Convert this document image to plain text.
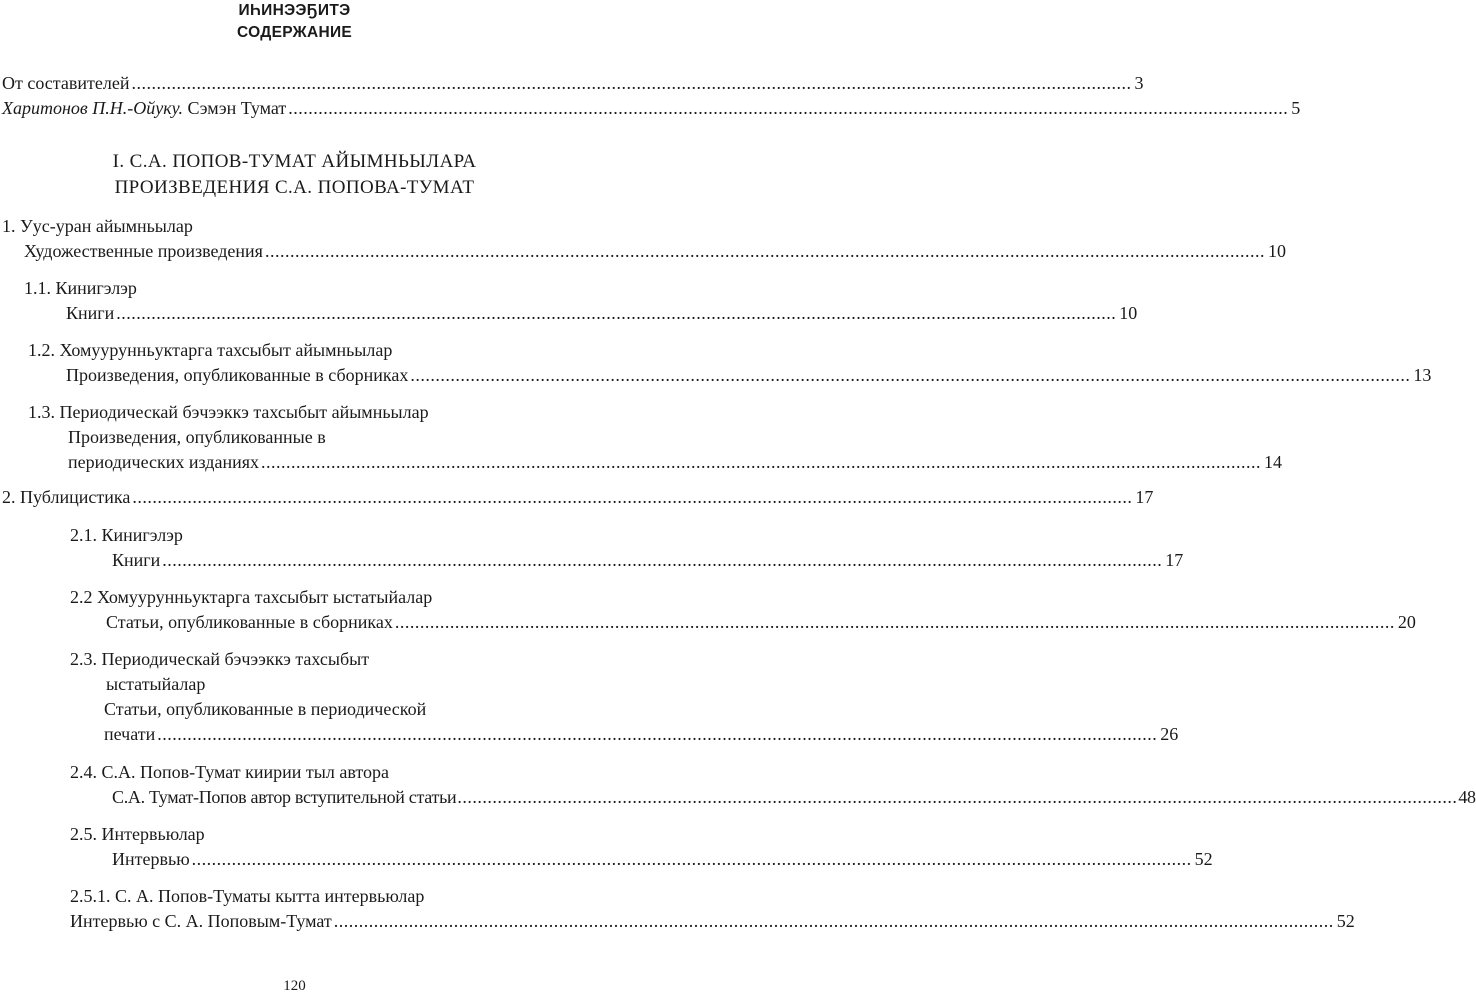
ИҺИНЭЭҔИТЭ
СОДЕРЖАНИЕ
От составителей ........................................................................................................................................................................................................ 3
Харитонов П.Н.-Ойуку. Сэмэн Тумат ........................................................................................................................................................................................................ 5
I. С.А. ПОПОВ-ТУМАТ АЙЫМНЬЫЛАРА
ПРОИЗВЕДЕНИЯ С.А. ПОПОВА-ТУМАТ
1. Уус-уран айымньылар
Художественные произведения ........................................................................................................................................................................................................ 10
1.1. Кинигэлэр
Книги ........................................................................................................................................................................................................ 10
1.2. Хомуурунньуктарга тахсыбыт айымньылар
Произведения, опубликованные в сборниках ........................................................................................................................................................................................................ 13
1.3. Периодическай бэчээккэ тахсыбыт айымньылар
Произведения, опубликованные в
периодических изданиях ........................................................................................................................................................................................................ 14
2. Публицистика ........................................................................................................................................................................................................ 17
2.1. Кинигэлэр
Книги ........................................................................................................................................................................................................ 17
2.2 Хомуурунньуктарга тахсыбыт ыстатыйалар
Статьи, опубликованные в сборниках ........................................................................................................................................................................................................ 20
2.3. Периодическай бэчээккэ тахсыбыт
ыстатыйалар
Статьи, опубликованные в периодической
печати ........................................................................................................................................................................................................ 26
2.4. С.А. Попов-Тумат киирии тыл автора
С.А. Тумат-Попов автор вступительной статьи ........................................................................................................................................................................................................ 48
2.5. Интервьюлар
Интервью ........................................................................................................................................................................................................ 52
2.5.1. С. А. Попов-Туматы кытта интервьюлар
Интервью с С. А. Поповым-Тумат ........................................................................................................................................................................................................ 52
120
